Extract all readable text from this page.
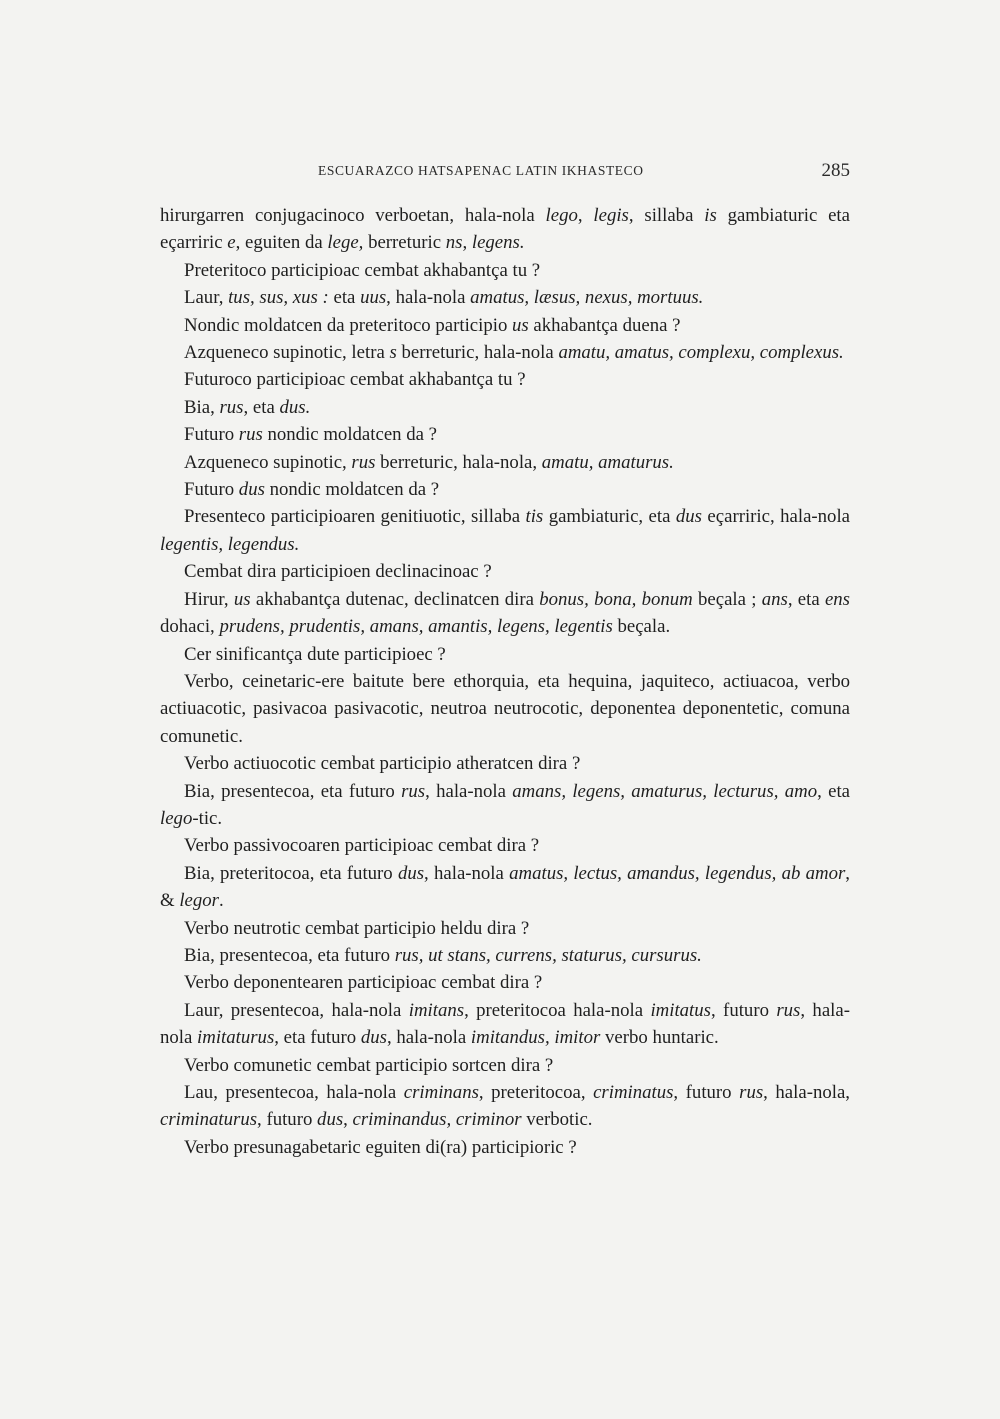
ESCUARAZCO HATSAPENAC LATIN IKHASTECO	285

hirurgarren conjugacinoco verboetan, hala-nola lego, legis, sillaba is gambiaturic eta eçarriric e, eguiten da lege, berreturic ns, legens.

Preteritoco participioac cembat akhabantça tu ?

Laur, tus, sus, xus : eta uus, hala-nola amatus, læsus, nexus, mortuus.

Nondic moldatcen da preteritoco participio us akhabantça duena ?

Azqueneco supinotic, letra s berreturic, hala-nola amatu, amatus, complexu, complexus.

Futuroco participioac cembat akhabantça tu ?

Bia, rus, eta dus.

Futuro rus nondic moldatcen da ?

Azqueneco supinotic, rus berreturic, hala-nola, amatu, amaturus.

Futuro dus nondic moldatcen da ?

Presenteco participioaren genitiuotic, sillaba tis gambiaturic, eta dus eçarriric, hala-nola legentis, legendus.

Cembat dira participioen declinacinoac ?

Hirur, us akhabantça dutenac, declinatcen dira bonus, bona, bonum beçala ; ans, eta ens dohaci, prudens, prudentis, amans, amantis, legens, legentis beçala.

Cer sinificantça dute participioec ?

Verbo, ceinetaric-ere baitute bere ethorquia, eta hequina, jaquiteco, actiuacoa, verbo actiuacotic, pasivacoa pasivacotic, neutroa neutrocotic, deponentea deponentetic, comuna comunetic.

Verbo actiuocotic cembat participio atheratcen dira ?

Bia, presentecoa, eta futuro rus, hala-nola amans, legens, amaturus, lecturus, amo, eta lego-tic.

Verbo passivocoaren participioac cembat dira ?

Bia, preteritocoa, eta futuro dus, hala-nola amatus, lectus, amandus, legendus, ab amor, & legor.

Verbo neutrotic cembat participio heldu dira ?

Bia, presentecoa, eta futuro rus, ut stans, currens, staturus, cursurus.

Verbo deponentearen participioac cembat dira ?

Laur, presentecoa, hala-nola imitans, preteritocoa hala-nola imitatus, futuro rus, hala-nola imitaturus, eta futuro dus, hala-nola imitandus, imitor verbo huntaric.

Verbo comunetic cembat participio sortcen dira ?

Lau, presentecoa, hala-nola criminans, preteritocoa, criminatus, futuro rus, hala-nola, criminaturus, futuro dus, criminandus, criminor verbotic.

Verbo presunagabetaric eguiten di(ra) participioric ?
